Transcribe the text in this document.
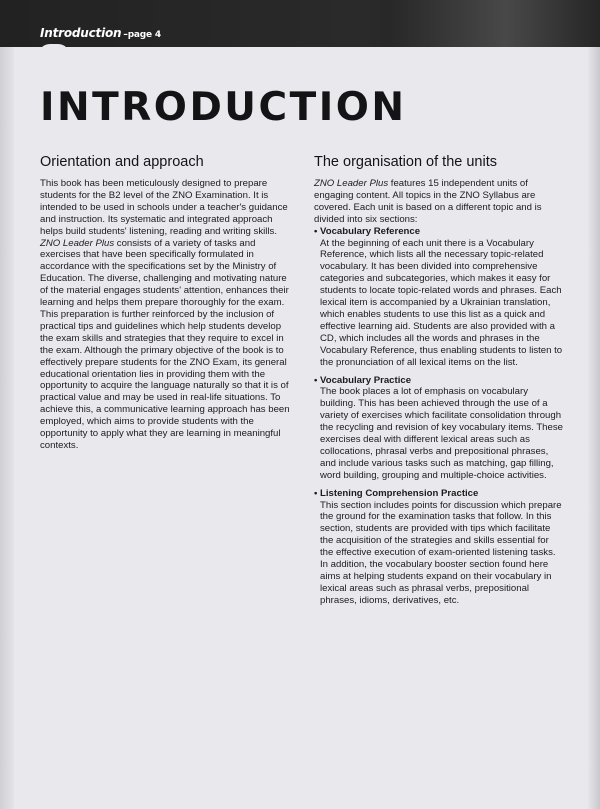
Introduction –page 4
INTRODUCTION
Orientation and approach

This book has been meticulously designed to prepare students for the B2 level of the ZNO Examination. It is intended to be used in schools under a teacher's guidance and instruction. Its systematic and integrated approach helps build students' listening, reading and writing skills. ZNO Leader Plus consists of a variety of tasks and exercises that have been specifically formulated in accordance with the specifications set by the Ministry of Education. The diverse, challenging and motivating nature of the material engages students' attention, enhances their learning and helps them prepare thoroughly for the exam. This preparation is further reinforced by the inclusion of practical tips and guidelines which help students develop the exam skills and strategies that they require to excel in the exam. Although the primary objective of the book is to effectively prepare students for the ZNO Exam, its general educational orientation lies in providing them with the opportunity to acquire the language naturally so that it is of practical value and may be used in real-life situations. To achieve this, a communicative learning approach has been employed, which aims to provide students with the opportunity to apply what they are learning in meaningful contexts.

The organisation of the units

ZNO Leader Plus features 15 independent units of engaging content. All topics in the ZNO Syllabus are covered. Each unit is based on a different topic and is divided into six sections:

• Vocabulary Reference

At the beginning of each unit there is a Vocabulary Reference, which lists all the necessary topic-related vocabulary. It has been divided into comprehensive categories and subcategories, which makes it easy for students to locate topic-related words and phrases. Each lexical item is accompanied by a Ukrainian translation, which enables students to use this list as a quick and effective learning aid. Students are also provided with a CD, which includes all the words and phrases in the Vocabulary Reference, thus enabling students to listen to the pronunciation of all lexical items on the list.

• Vocabulary Practice

The book places a lot of emphasis on vocabulary building. This has been achieved through the use of a variety of exercises which facilitate consolidation through the recycling and revision of key vocabulary items. These exercises deal with different lexical areas such as collocations, phrasal verbs and prepositional phrases, and include various tasks such as matching, gap filling, word building, grouping and multiple-choice activities.

• Listening Comprehension Practice

This section includes points for discussion which prepare the ground for the examination tasks that follow. In this section, students are provided with tips which facilitate the acquisition of the strategies and skills essential for the effective execution of exam-oriented listening tasks. In addition, the vocabulary booster section found here aims at helping students expand on their vocabulary in lexical areas such as phrasal verbs, prepositional phrases, idioms, derivatives, etc.
